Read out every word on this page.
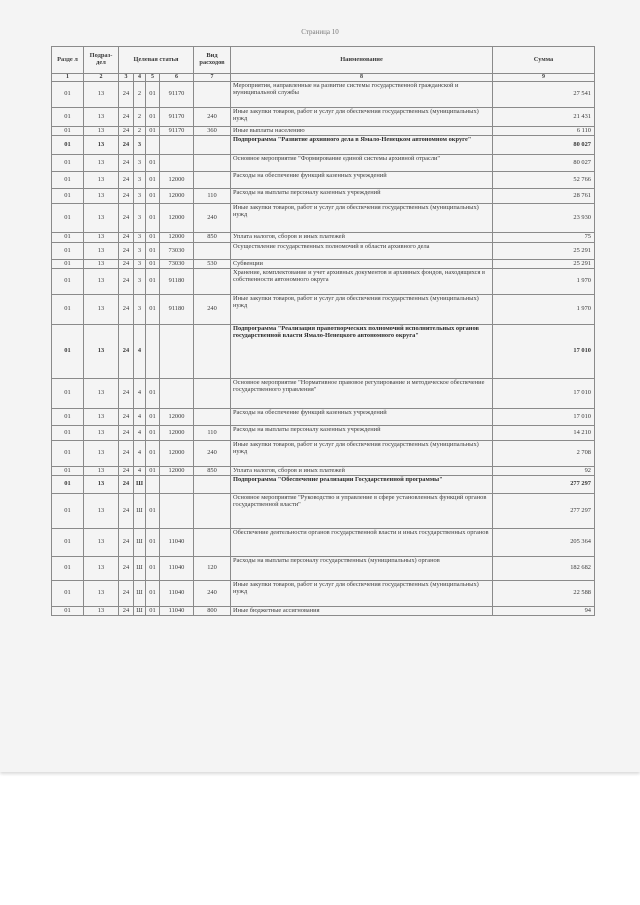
Страница 10
Разде л	Подраз- дел	Целевая статья				Вид расходов	Наименование	Сумма
1	2	3	4	5	6	7	8	9
01	13	24	2	01	91170		Мероприятия, направленные на развитие системы государственной гражданской и муниципальной службы	27 541
01	13	24	2	01	91170	240	Иные закупки товаров, работ и услуг для обеспечения государственных (муниципальных) нужд	21 431
01	13	24	2	01	91170	360	Иные выплаты населению	6 110
01	13	24	3				Подпрограмма "Развитие архивного дела в Ямало-Ненецком автономном округе"	80 027
01	13	24	3	01			Основное мероприятие "Формирование единой системы архивной отрасли"	80 027
01	13	24	3	01	12000		Расходы на обеспечение функций казенных учреждений	52 766
01	13	24	3	01	12000	110	Расходы на выплаты персоналу казенных учреждений	28 761
01	13	24	3	01	12000	240	Иные закупки товаров, работ и услуг для обеспечения государственных (муниципальных) нужд	23 930
01	13	24	3	01	12000	850	Уплата налогов, сборов и иных платежей	75
01	13	24	3	01	73030		Осуществление государственных полномочий в области архивного дела	25 291
01	13	24	3	01	73030	530	Субвенции	25 291
01	13	24	3	01	91180		Хранение, комплектование и учет архивных документов и архивных фондов, находящихся в собственности автономного округа	1 970
01	13	24	3	01	91180	240	Иные закупки товаров, работ и услуг для обеспечения государственных (муниципальных) нужд	1 970
01	13	24	4				Подпрограмма "Реализация правотворческих полномочий исполнительных органов государственной власти Ямало-Ненецкого автономного округа"	17 010
01	13	24	4	01			Основное мероприятие "Нормативное правовое регулирование и методическое обеспечение государственного управления"	17 010
01	13	24	4	01	12000		Расходы на обеспечение функций казенных учреждений	17 010
01	13	24	4	01	12000	110	Расходы на выплаты персоналу казенных учреждений	14 210
01	13	24	4	01	12000	240	Иные закупки товаров, работ и услуг для обеспечения государственных (муниципальных) нужд	2 708
01	13	24	4	01	12000	850	Уплата налогов, сборов и иных платежей	92
01	13	24	Ш				Подпрограмма "Обеспечение реализации Государственной программы"	277 297
01	13	24	Ш	01			Основное мероприятие "Руководство и управление в сфере установленных функций органов государственной власти"	277 297
01	13	24	Ш	01	11040		Обеспечение деятельности органов государственной власти и иных государственных органов	205 364
01	13	24	Ш	01	11040	120	Расходы на выплаты персоналу государственных (муниципальных) органов	182 682
01	13	24	Ш	01	11040	240	Иные закупки товаров, работ и услуг для обеспечения государственных (муниципальных) нужд	22 588
01	13	24	Ш	01	11040	800	Иные бюджетные ассигнования	94
